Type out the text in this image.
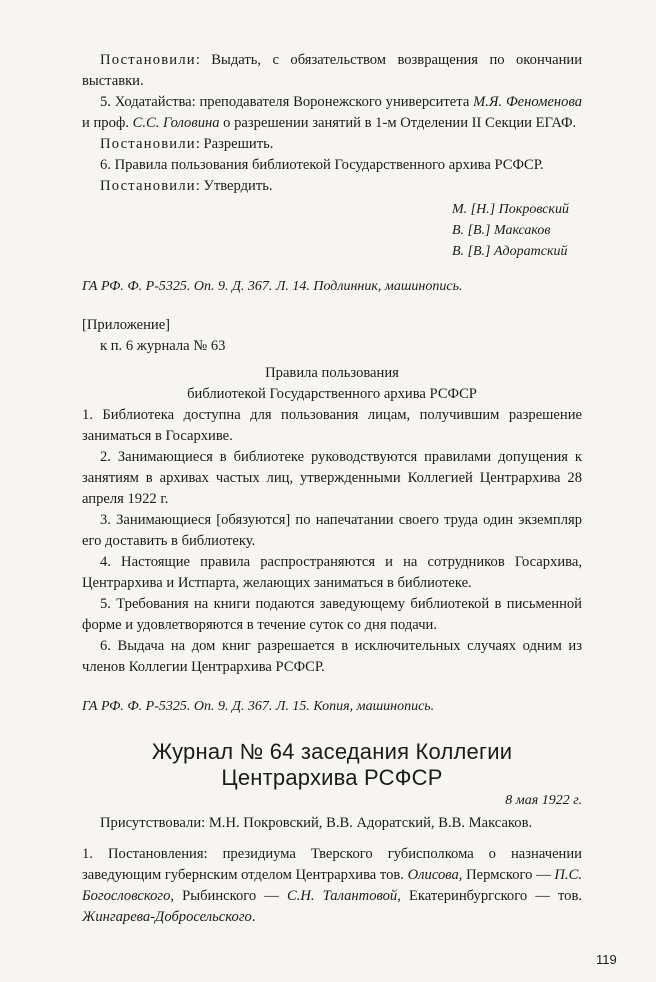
Постановили: Выдать, с обязательством возвращения по окончании выставки.

5. Ходатайства: преподавателя Воронежского университета М.Я. Феноменова и проф. С.С. Головина о разрешении занятий в 1-м Отделении II Секции ЕГАФ.

Постановили: Разрешить.

6. Правила пользования библиотекой Государственного архива РСФСР.

Постановили: Утвердить.

М. [Н.] Покровский
В. [В.] Максаков
В. [В.] Адоратский

ГА РФ. Ф. Р-5325. Оп. 9. Д. 367. Л. 14. Подлинник, машинопись.

[Приложение]

к п. 6 журнала № 63

Правила пользования

библиотекой Государственного архива РСФСР

1. Библиотека доступна для пользования лицам, получившим разрешение заниматься в Госархиве.

2. Занимающиеся в библиотеке руководствуются правилами допущения к занятиям в архивах частых лиц, утвержденными Коллегией Центрархива 28 апреля 1922 г.

3. Занимающиеся [обязуются] по напечатании своего труда один экземпляр его доставить в библиотеку.

4. Настоящие правила распространяются и на сотрудников Госархива, Центрархива и Истпарта, желающих заниматься в библиотеке.

5. Требования на книги подаются заведующему библиотекой в письменной форме и удовлетворяются в течение суток со дня подачи.

6. Выдача на дом книг разрешается в исключительных случаях одним из членов Коллегии Центрархива РСФСР.

ГА РФ. Ф. Р-5325. Оп. 9. Д. 367. Л. 15. Копия, машинопись.

Журнал № 64 заседания Коллегии Центрархива РСФСР

8 мая 1922 г.

Присутствовали: М.Н. Покровский, В.В. Адоратский, В.В. Максаков.

1. Постановления: президиума Тверского губисполкома о назначении заведующим губернским отделом Центрархива тов. Олисова, Пермского — П.С. Богословского, Рыбинского — С.Н. Талантовой, Екатеринбургского — тов. Жингарева-Добросельского.

119
